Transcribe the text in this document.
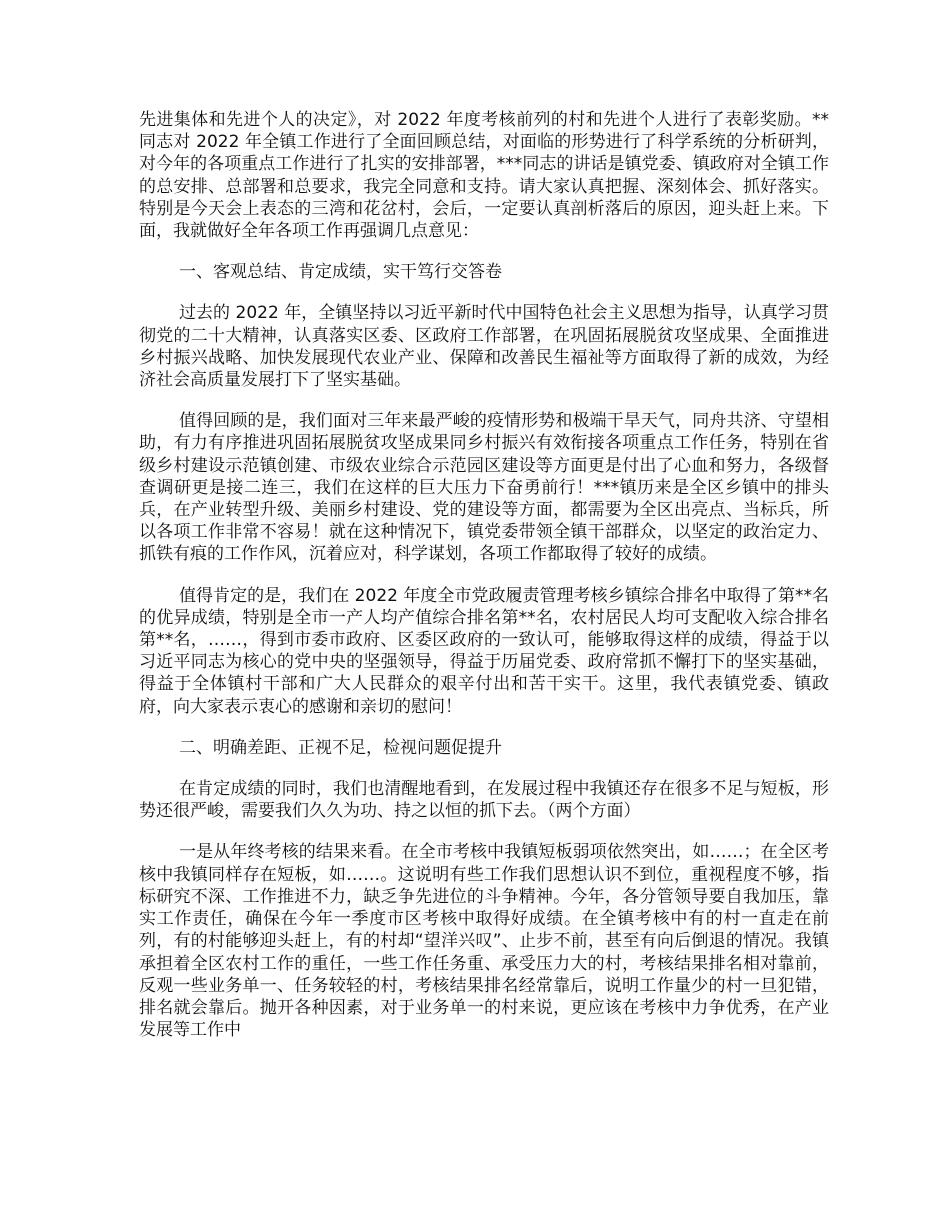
先进集体和先进个人的决定》，对 2022 年度考核前列的村和先进个人进行了表彰奖励。**同志对 2022 年全镇工作进行了全面回顾总结，对面临的形势进行了科学系统的分析研判，对今年的各项重点工作进行了扎实的安排部署，***同志的讲话是镇党委、镇政府对全镇工作的总安排、总部署和总要求，我完全同意和支持。请大家认真把握、深刻体会、抓好落实。特别是今天会上表态的三湾和花岔村，会后，一定要认真剖析落后的原因，迎头赶上来。下面，我就做好全年各项工作再强调几点意见：

一、客观总结、肯定成绩，实干笃行交答卷

过去的 2022 年，全镇坚持以习近平新时代中国特色社会主义思想为指导，认真学习贯彻党的二十大精神，认真落实区委、区政府工作部署，在巩固拓展脱贫攻坚成果、全面推进乡村振兴战略、加快发展现代农业产业、保障和改善民生福祉等方面取得了新的成效，为经济社会高质量发展打下了坚实基础。

值得回顾的是，我们面对三年来最严峻的疫情形势和极端干旱天气，同舟共济、守望相助，有力有序推进巩固拓展脱贫攻坚成果同乡村振兴有效衔接各项重点工作任务，特别在省级乡村建设示范镇创建、市级农业综合示范园区建设等方面更是付出了心血和努力，各级督查调研更是接二连三，我们在这样的巨大压力下奋勇前行！***镇历来是全区乡镇中的排头兵，在产业转型升级、美丽乡村建设、党的建设等方面，都需要为全区出亮点、当标兵，所以各项工作非常不容易！就在这种情况下，镇党委带领全镇干部群众，以坚定的政治定力、抓铁有痕的工作作风，沉着应对，科学谋划，各项工作都取得了较好的成绩。

值得肯定的是，我们在 2022 年度全市党政履责管理考核乡镇综合排名中取得了第**名的优异成绩，特别是全市一产人均产值综合排名第**名，农村居民人均可支配收入综合排名第**名，……，得到市委市政府、区委区政府的一致认可，能够取得这样的成绩，得益于以习近平同志为核心的党中央的坚强领导，得益于历届党委、政府常抓不懈打下的坚实基础，得益于全体镇村干部和广大人民群众的艰辛付出和苦干实干。这里，我代表镇党委、镇政府，向大家表示衷心的感谢和亲切的慰问！

二、明确差距、正视不足，检视问题促提升

在肯定成绩的同时，我们也清醒地看到，在发展过程中我镇还存在很多不足与短板，形势还很严峻，需要我们久久为功、持之以恒的抓下去。（两个方面）

一是从年终考核的结果来看。在全市考核中我镇短板弱项依然突出，如……；在全区考核中我镇同样存在短板，如……。这说明有些工作我们思想认识不到位，重视程度不够，指标研究不深、工作推进不力，缺乏争先进位的斗争精神。今年，各分管领导要自我加压，靠实工作责任，确保在今年一季度市区考核中取得好成绩。在全镇考核中有的村一直走在前列，有的村能够迎头赶上，有的村却“望洋兴叹”、止步不前，甚至有向后倒退的情况。我镇承担着全区农村工作的重任，一些工作任务重、承受压力大的村，考核结果排名相对靠前，反观一些业务单一、任务较轻的村，考核结果排名经常靠后，说明工作量少的村一旦犯错，排名就会靠后。抛开各种因素，对于业务单一的村来说，更应该在考核中力争优秀，在产业发展等工作中
